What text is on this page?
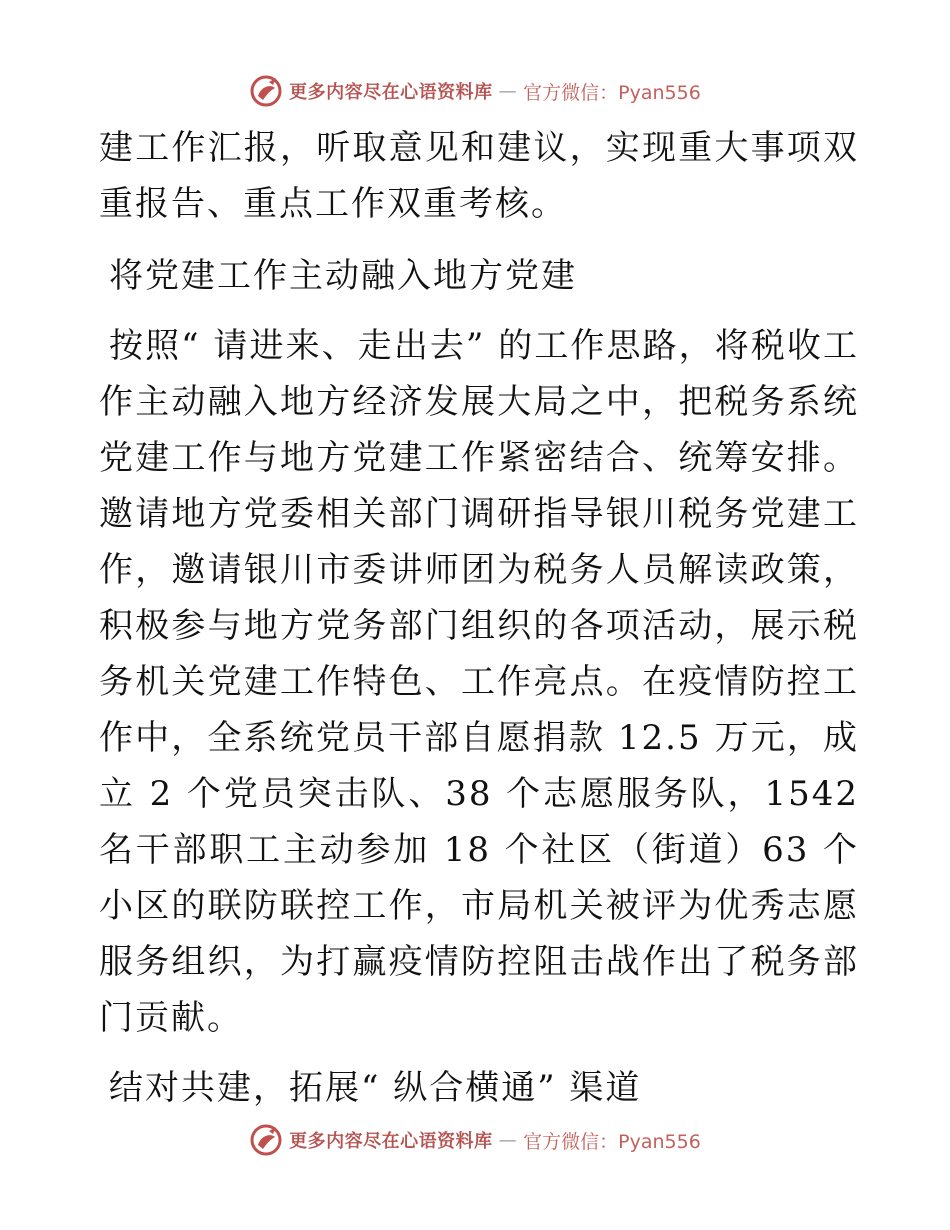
更多内容尽在心语资料库 — 官方微信：Pyan556

建工作汇报，听取意见和建议，实现重大事项双重报告、重点工作双重考核。

将党建工作主动融入地方党建

按照“ 请进来、走出去” 的工作思路，将税收工作主动融入地方经济发展大局之中，把税务系统党建工作与地方党建工作紧密结合、统筹安排。邀请地方党委相关部门调研指导银川税务党建工作，邀请银川市委讲师团为税务人员解读政策，积极参与地方党务部门组织的各项活动，展示税务机关党建工作特色、工作亮点。在疫情防控工作中，全系统党员干部自愿捐款 12.5 万元，成立 2 个党员突击队、38 个志愿服务队，1542 名干部职工主动参加 18 个社区（街道）63 个小区的联防联控工作，市局机关被评为优秀志愿服务组织，为打赢疫情防控阻击战作出了税务部门贡献。

结对共建，拓展“ 纵合横通” 渠道

更多内容尽在心语资料库 — 官方微信：Pyan556
